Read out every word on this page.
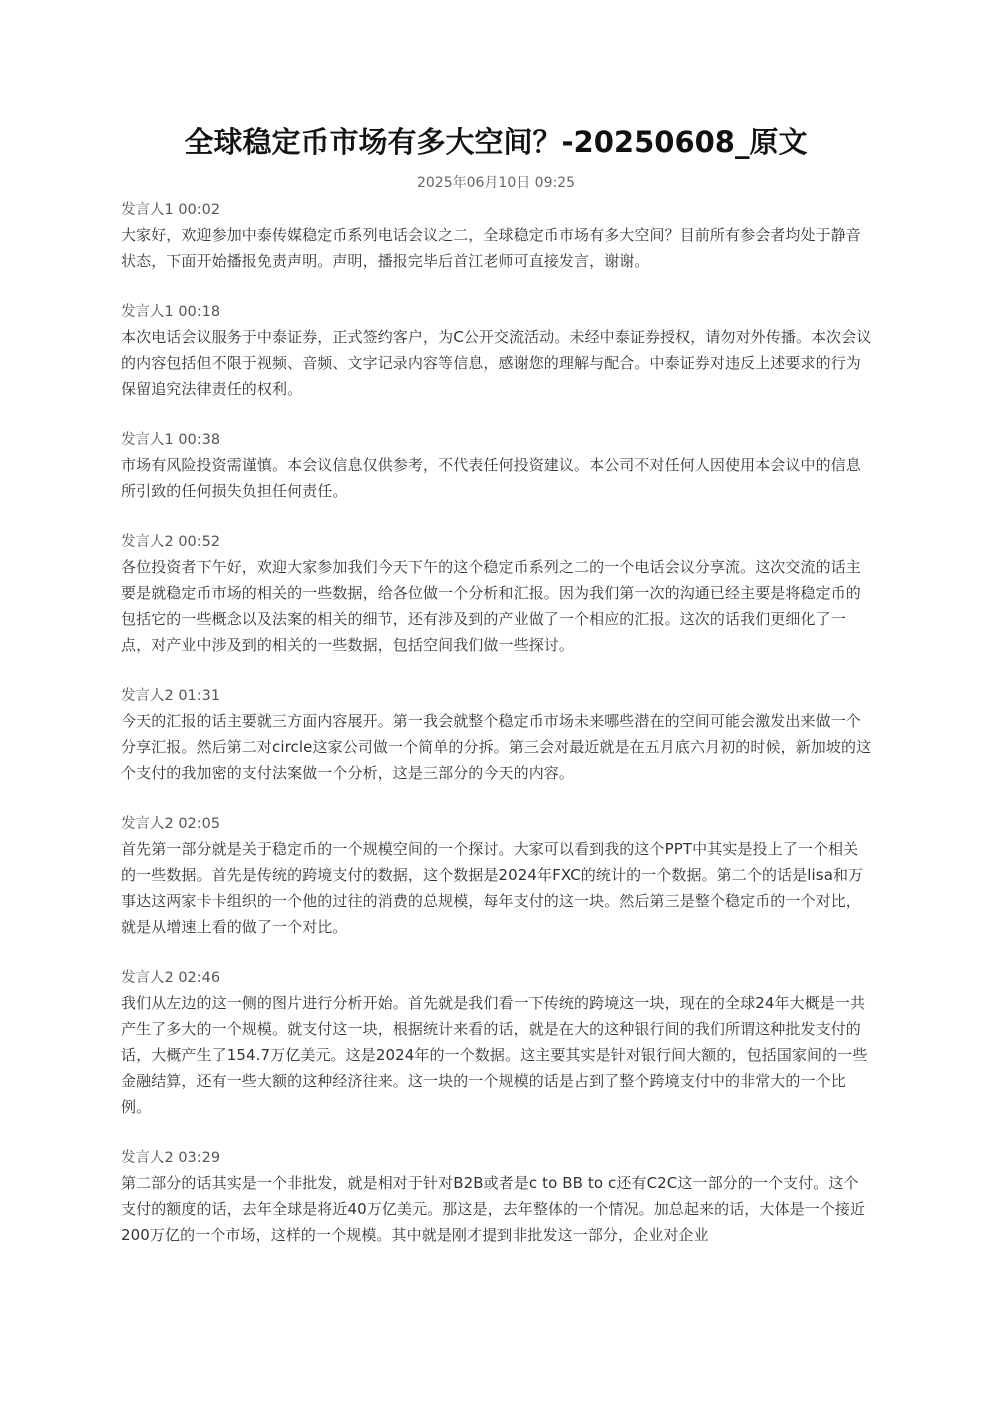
全球稳定币市场有多大空间？-20250608_原文
2025年06月10日 09:25
发言人1 00:02

大家好，欢迎参加中泰传媒稳定币系列电话会议之二，全球稳定币市场有多大空间？目前所有参会者均处于静音状态，下面开始播报免责声明。声明，播报完毕后首江老师可直接发言，谢谢。

发言人1 00:18

本次电话会议服务于中泰证券，正式签约客户，为C公开交流活动。未经中泰证券授权，请勿对外传播。本次会议的内容包括但不限于视频、音频、文字记录内容等信息，感谢您的理解与配合。中泰证券对违反上述要求的行为保留追究法律责任的权利。

发言人1 00:38

市场有风险投资需谨慎。本会议信息仅供参考，不代表任何投资建议。本公司不对任何人因使用本会议中的信息所引致的任何损失负担任何责任。

发言人2 00:52

各位投资者下午好，欢迎大家参加我们今天下午的这个稳定币系列之二的一个电话会议分享流。这次交流的话主要是就稳定币市场的相关的一些数据，给各位做一个分析和汇报。因为我们第一次的沟通已经主要是将稳定币的包括它的一些概念以及法案的相关的细节，还有涉及到的产业做了一个相应的汇报。这次的话我们更细化了一点，对产业中涉及到的相关的一些数据，包括空间我们做一些探讨。

发言人2 01:31

今天的汇报的话主要就三方面内容展开。第一我会就整个稳定币市场未来哪些潜在的空间可能会激发出来做一个分享汇报。然后第二对circle这家公司做一个简单的分拆。第三会对最近就是在五月底六月初的时候，新加坡的这个支付的我加密的支付法案做一个分析，这是三部分的今天的内容。

发言人2 02:05

首先第一部分就是关于稳定币的一个规模空间的一个探讨。大家可以看到我的这个PPT中其实是投上了一个相关的一些数据。首先是传统的跨境支付的数据，这个数据是2024年FXC的统计的一个数据。第二个的话是lisa和万事达这两家卡卡组织的一个他的过往的消费的总规模，每年支付的这一块。然后第三是整个稳定币的一个对比，就是从增速上看的做了一个对比。

发言人2 02:46

我们从左边的这一侧的图片进行分析开始。首先就是我们看一下传统的跨境这一块，现在的全球24年大概是一共产生了多大的一个规模。就支付这一块，根据统计来看的话，就是在大的这种银行间的我们所谓这种批发支付的话，大概产生了154.7万亿美元。这是2024年的一个数据。这主要其实是针对银行间大额的，包括国家间的一些金融结算，还有一些大额的这种经济往来。这一块的一个规模的话是占到了整个跨境支付中的非常大的一个比例。

发言人2 03:29

第二部分的话其实是一个非批发，就是相对于针对B2B或者是c to BB to c还有C2C这一部分的一个支付。这个支付的额度的话，去年全球是将近40万亿美元。那这是，去年整体的一个情况。加总起来的话，大体是一个接近200万亿的一个市场，这样的一个规模。其中就是刚才提到非批发这一部分，企业对企业
